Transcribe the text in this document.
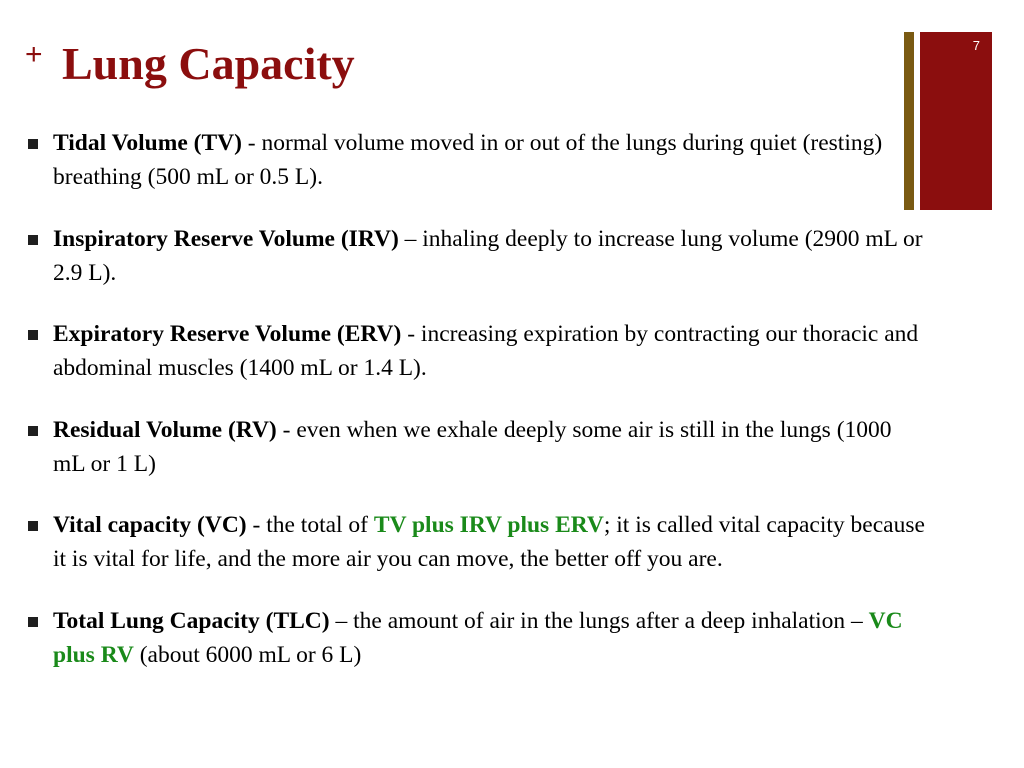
+ Lung Capacity	7
Tidal Volume (TV) - normal volume moved in or out of the lungs during quiet (resting) breathing (500 mL or 0.5 L).
Inspiratory Reserve Volume (IRV) – inhaling deeply to increase lung volume (2900 mL or 2.9 L).
Expiratory Reserve Volume (ERV) - increasing expiration by contracting our thoracic and abdominal muscles (1400 mL or 1.4 L).
Residual Volume (RV) - even when we exhale deeply some air is still in the lungs (1000 mL or 1 L)
Vital capacity (VC) - the total of TV plus IRV plus ERV; it is called vital capacity because it is vital for life, and the more air you can move, the better off you are.
Total Lung Capacity (TLC) – the amount of air in the lungs after a deep inhalation – VC plus RV (about 6000 mL or 6 L)
